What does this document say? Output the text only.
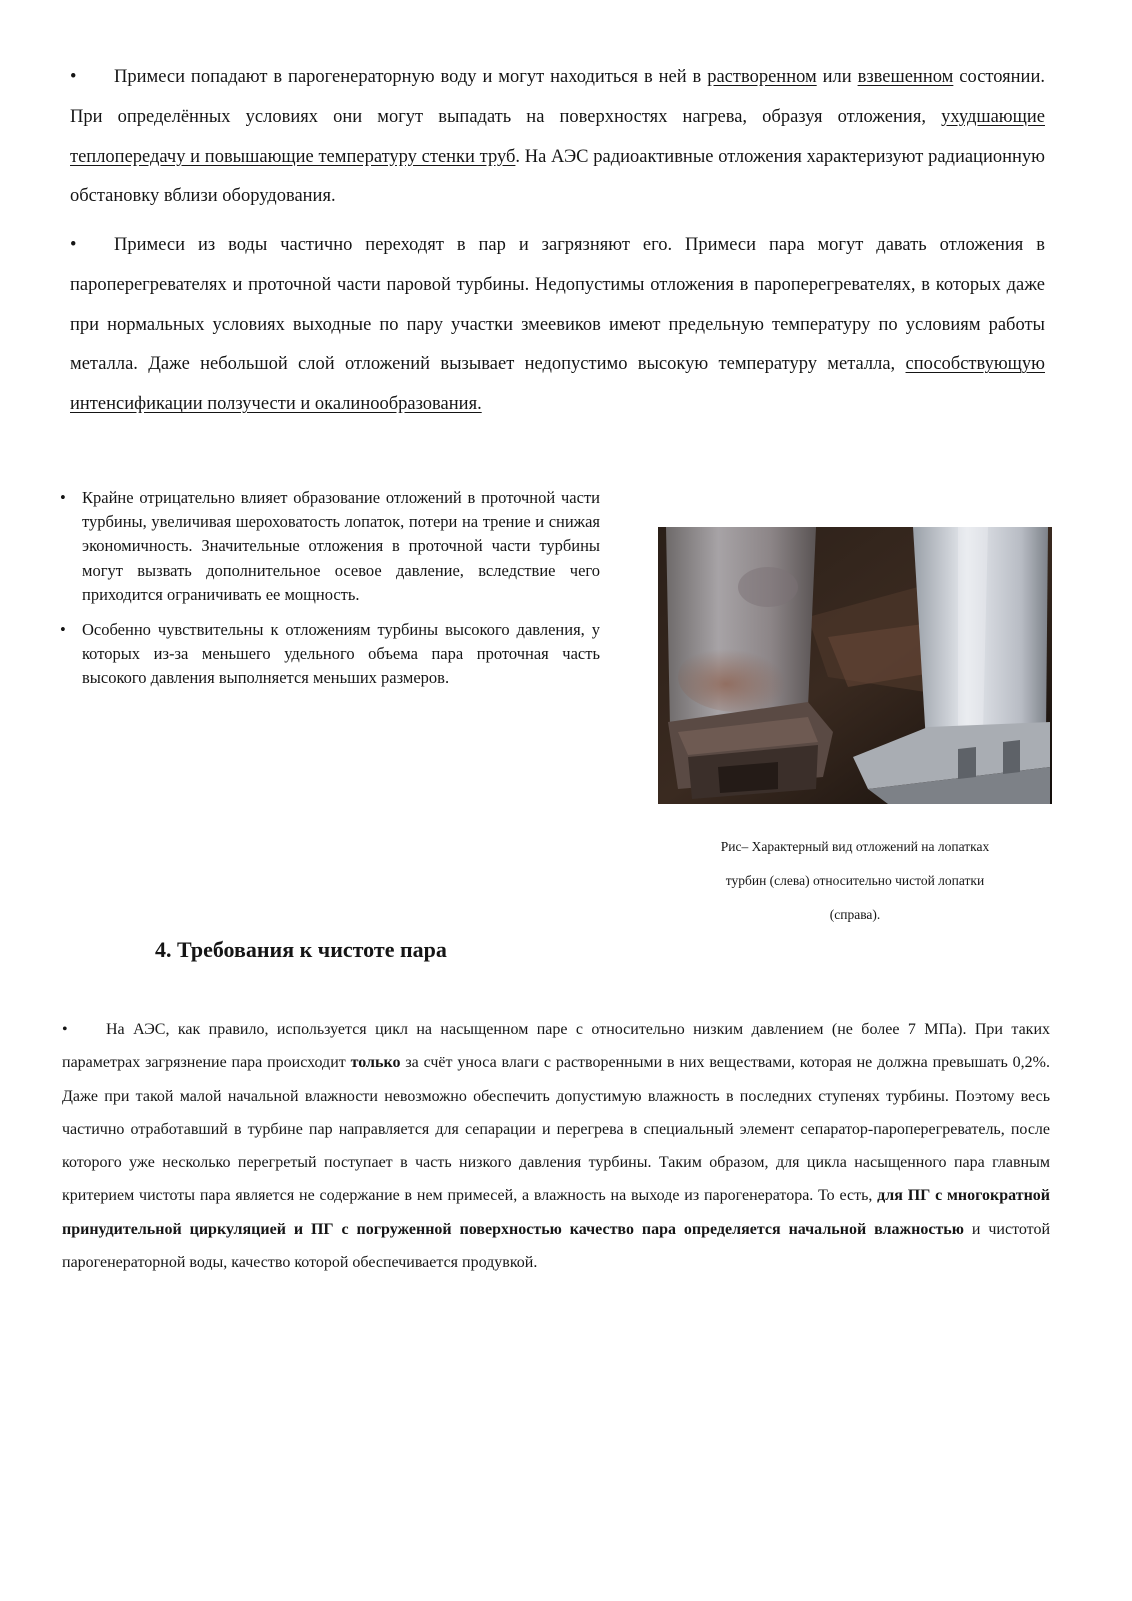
• Примеси попадают в парогенераторную воду и могут находиться в ней в растворенном или взвешенном состоянии. При определённых условиях они могут выпадать на поверхностях нагрева, образуя отложения, ухудшающие теплопередачу и повышающие температуру стенки труб. На АЭС радиоактивные отложения характеризуют радиационную обстановку вблизи оборудования.
• Примеси из воды частично переходят в пар и загрязняют его. Примеси пара могут давать отложения в пароперегревателях и проточной части паровой турбины. Недопустимы отложения в пароперегревателях, в которых даже при нормальных условиях выходные по пару участки змеевиков имеют предельную температуру по условиям работы металла. Даже небольшой слой отложений вызывает недопустимо высокую температуру металла, способствующую интенсификации ползучести и окалинообразования.
• Крайне отрицательно влияет образование отложений в проточной части турбины, увеличивая шероховатость лопаток, потери на трение и снижая экономичность. Значительные отложения в проточной части турбины могут вызвать дополнительное осевое давление, вследствие чего приходится ограничивать ее мощность.
• Особенно чувствительны к отложениям турбины высокого давления, у которых из-за меньшего удельного объема пара проточная часть высокого давления выполняется меньших размеров.
Рис– Характерный вид отложений на лопатках
турбин (слева) относительно чистой лопатки
(справа).
4. Требования к чистоте пара
• На АЭС, как правило, используется цикл на насыщенном паре с относительно низким давлением (не более 7 МПа). При таких параметрах загрязнение пара происходит только за счёт уноса влаги с растворенными в них веществами, которая не должна превышать 0,2%. Даже при такой малой начальной влажности невозможно обеспечить допустимую влажность в последних ступенях турбины. Поэтому весь частично отработавший в турбине пар направляется для сепарации и перегрева в специальный элемент сепаратор-пароперегреватель, после которого уже несколько перегретый поступает в часть низкого давления турбины. Таким образом, для цикла насыщенного пара главным критерием чистоты пара является не содержание в нем примесей, а влажность на выходе из парогенератора. То есть, для ПГ с многократной принудительной циркуляцией и ПГ с погруженной поверхностью качество пара определяется начальной влажностью и чистотой парогенераторной воды, качество которой обеспечивается продувкой.
